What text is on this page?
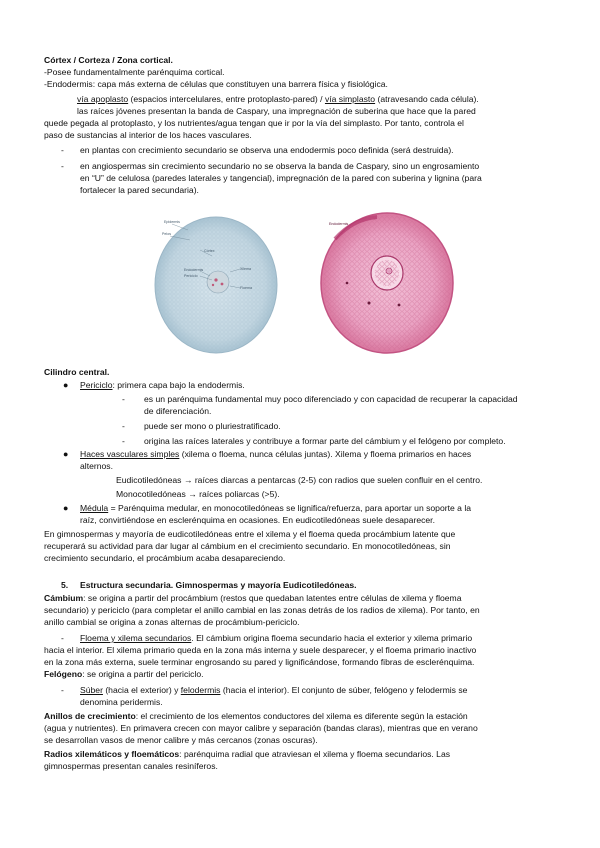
Córtex / Corteza / Zona cortical.
-Posee fundamentalmente parénquima cortical.
-Endodermis: capa más externa de células que constituyen una barrera física y fisiológica.
vía apoplasto (espacios intercelulares, entre protoplasto-pared) / vía simplasto (atravesando cada célula).
las raíces jóvenes presentan la banda de Caspary, una impregnación de suberina que hace que la pared
quede pegada al protoplasto, y los nutrientes/agua tengan que ir por la vía del simplasto. Por tanto, controla el
paso de sustancias al interior de los haces vasculares.
- en plantas con crecimiento secundario se observa una endodermis poco definida (será destruida).
- en angiospermas sin crecimiento secundario no se observa la banda de Caspary, sino un engrosamiento
en “U” de celulosa (paredes laterales y tangencial), impregnación de la pared con suberina y lignina (para
fortalecer la pared secundaria).
Epidermis
Pelos
Córtex
Endodermis
Periciclo
Xilema
Floema
Endodermis
Cilindro central.
● Periciclo: primera capa bajo la endodermis.
- es un parénquima fundamental muy poco diferenciado y con capacidad de recuperar la capacidad
de diferenciación.
- puede ser mono o pluriestratificado.
- origina las raíces laterales y contribuye a formar parte del cámbium y el felógeno por completo.
● Haces vasculares simples (xilema o floema, nunca células juntas). Xilema y floema primarios en haces
alternos.
Eudicotiledóneas → raíces diarcas a pentarcas (2-5) con radios que suelen confluir en el centro.
Monocotiledóneas → raíces poliarcas (>5).
● Médula = Parénquima medular, en monocotiledóneas se lignifica/refuerza, para aportar un soporte a la
raíz, convirtiéndose en esclerénquima en ocasiones. En eudicotiledóneas suele desaparecer.
En gimnospermas y mayoría de eudicotiledóneas entre el xilema y el floema queda procámbium latente que
recuperará su actividad para dar lugar al cámbium en el crecimiento secundario. En monocotiledóneas, sin
crecimiento secundario, el procámbium acaba desapareciendo.
5. Estructura secundaria. Gimnospermas y mayoría Eudicotiledóneas.
Cámbium: se origina a partir del procámbium (restos que quedaban latentes entre células de xilema y floema
secundario) y periciclo (para completar el anillo cambial en las zonas detrás de los radios de xilema). Por tanto, en
anillo cambial se origina a zonas alternas de procámbium-periciclo.
- Floema y xilema secundarios. El cámbium origina floema secundario hacia el exterior y xilema primario
hacia el interior. El xilema primario queda en la zona más interna y suele desparecer, y el floema primario inactivo
en la zona más externa, suele terminar engrosando su pared y lignificándose, formando fibras de esclerénquima.
Felógeno: se origina a partir del periciclo.
- Súber (hacia el exterior) y felodermis (hacia el interior). El conjunto de súber, felógeno y felodermis se
denomina peridermis.
Anillos de crecimiento: el crecimiento de los elementos conductores del xilema es diferente según la estación
(agua y nutrientes). En primavera crecen con mayor calibre y separación (bandas claras), mientras que en verano
se desarrollan vasos de menor calibre y más cercanos (zonas oscuras).
Radios xilemáticos y floemáticos: parénquima radial que atraviesan el xilema y floema secundarios. Las
gimnospermas presentan canales resiníferos.
